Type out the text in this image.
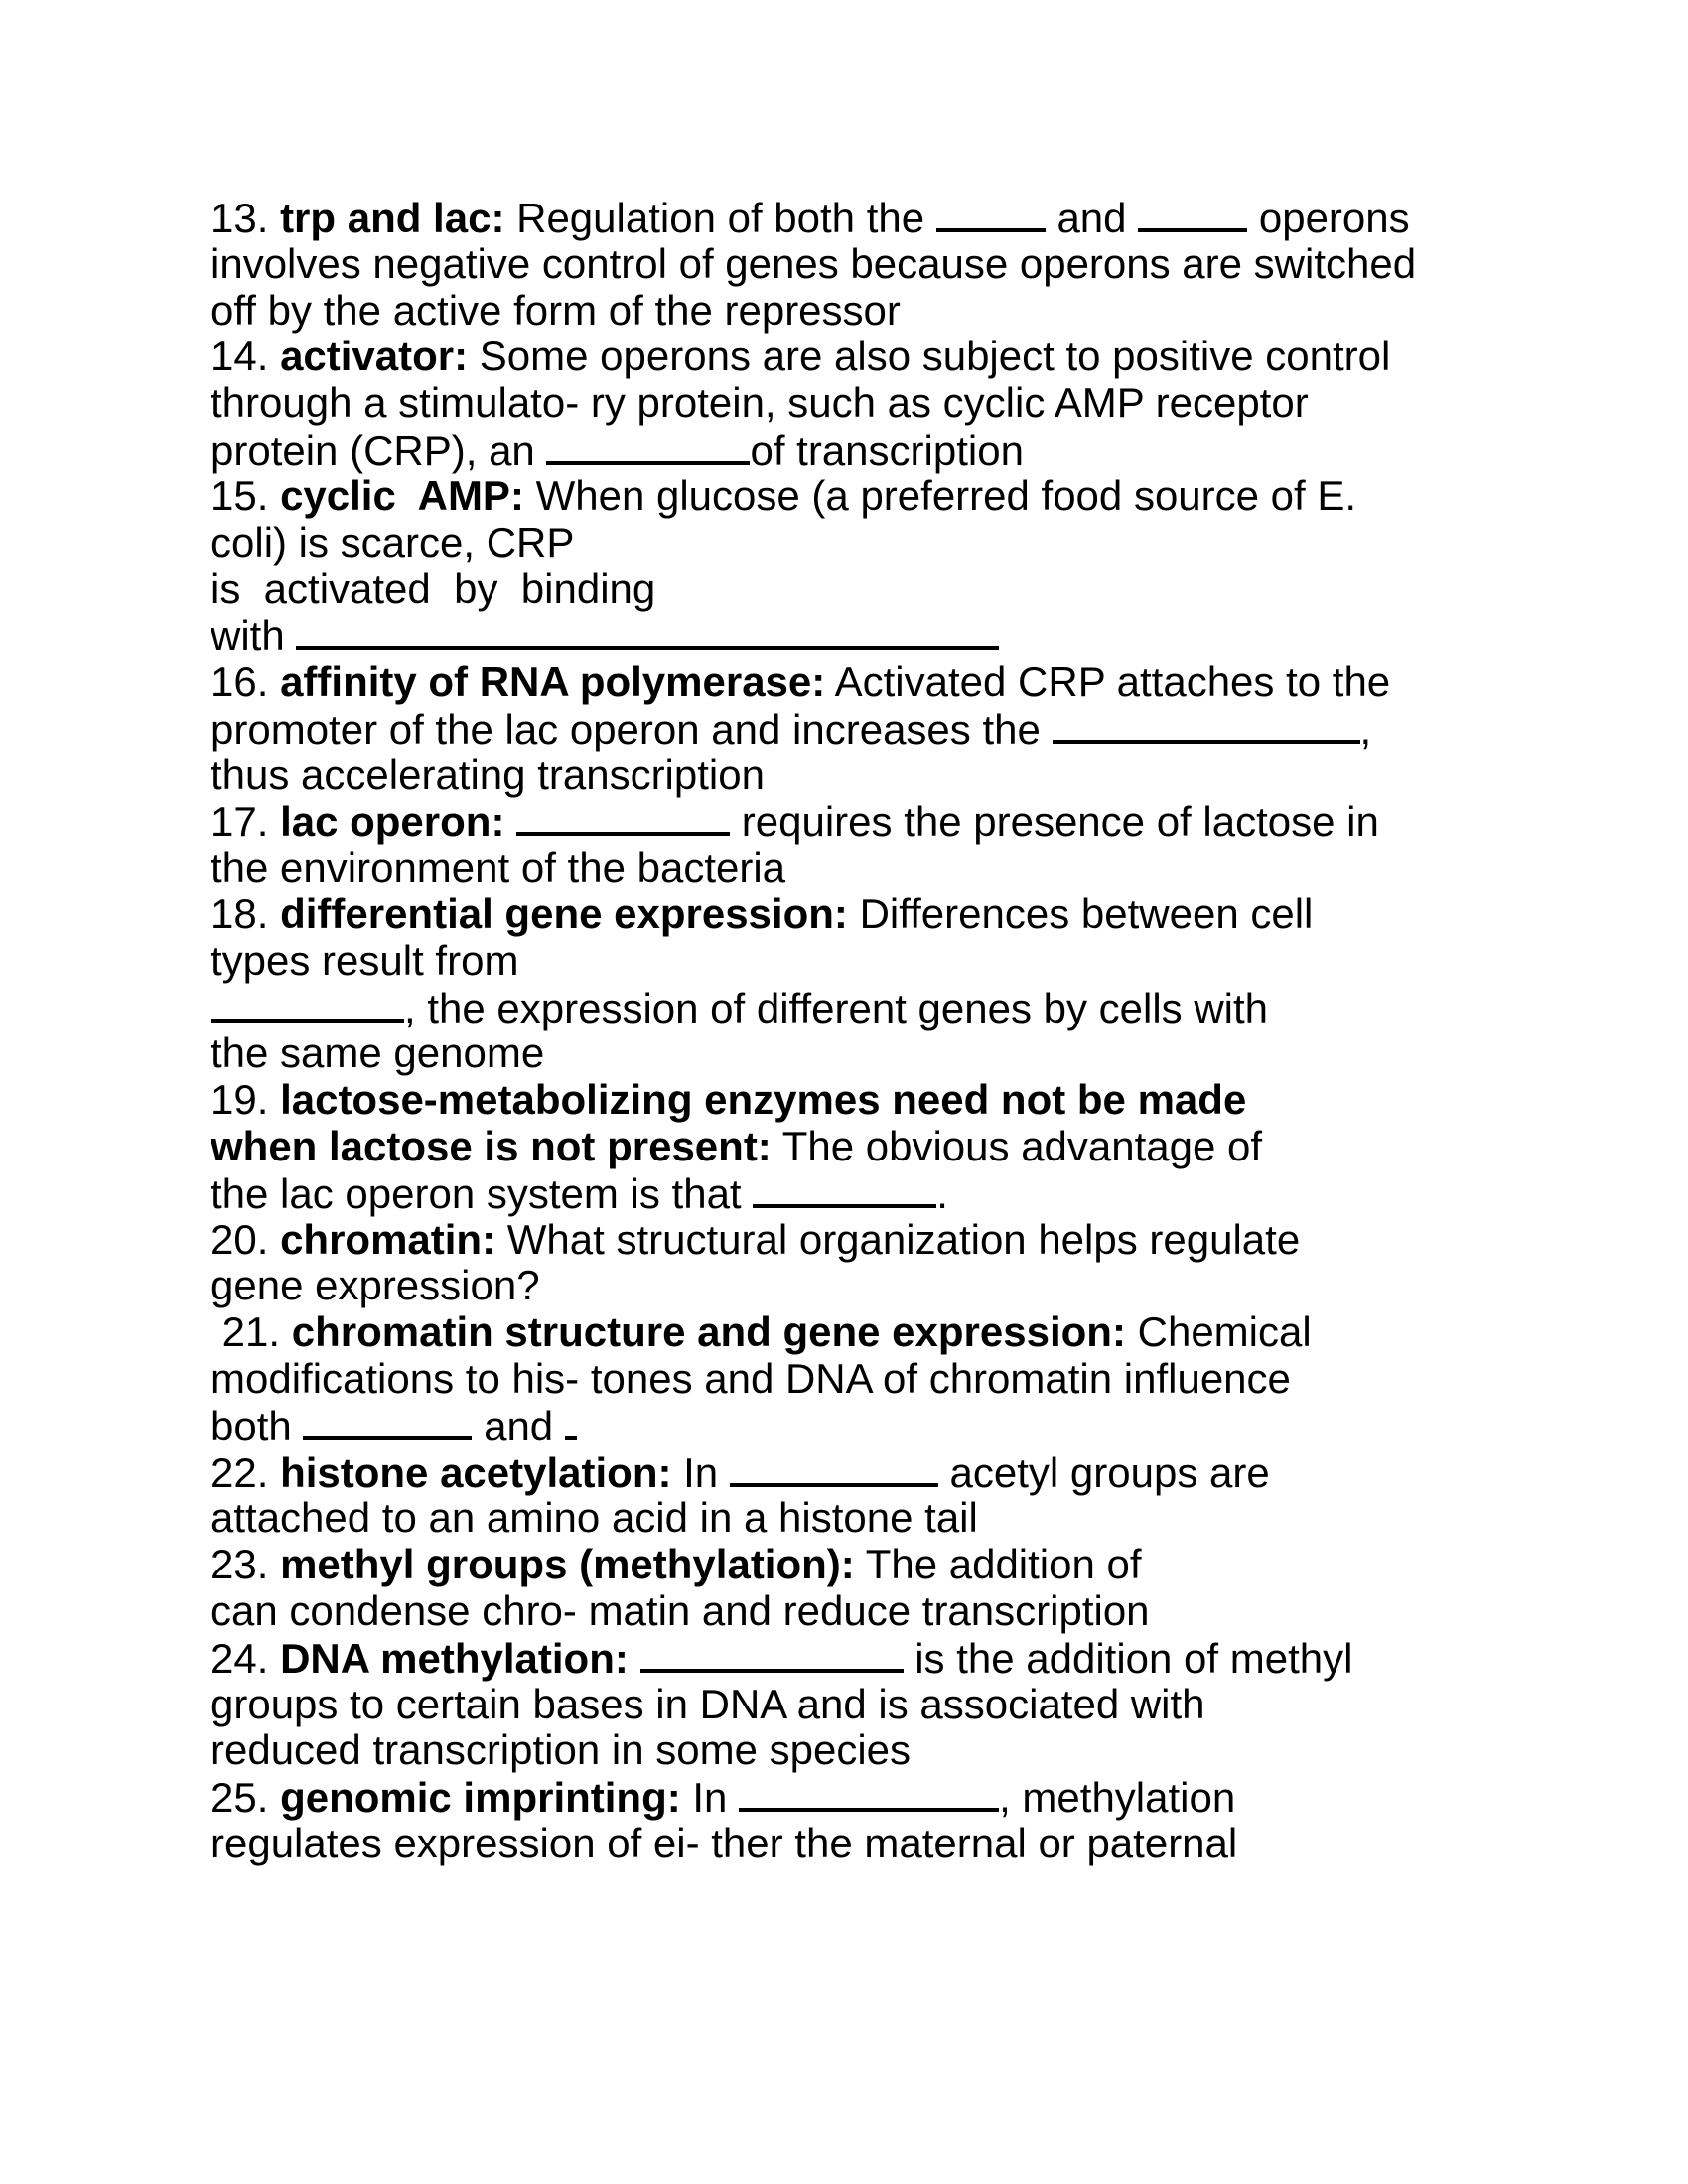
13. trp and lac: Regulation of both the	and	operons
involves negative control of genes because operons are switched
off by the active form of the repressor
14. activator: Some operons are also subject to positive control
through a stimulato- ry protein, such as cyclic AMP receptor
protein (CRP), an	of transcription
15. cyclic  AMP: When glucose (a preferred food source of E.
coli) is scarce, CRP
is  activated  by  binding
with
16. affinity of RNA polymerase: Activated CRP attaches to the
promoter of the lac operon and increases the	,
thus accelerating transcription
17. lac operon:	requires the presence of lactose in
the environment of the bacteria
18. differential gene expression: Differences between cell
types result from
, the expression of different genes by cells with
the same genome
19. lactose-metabolizing enzymes need not be made
when lactose is not present: The obvious advantage of
the lac operon system is that	.
20. chromatin: What structural organization helps regulate
gene expression?
21. chromatin structure and gene expression: Chemical
modifications to his- tones and DNA of chromatin influence
both	and
22. histone acetylation: In	acetyl groups are
attached to an amino acid in a histone tail
23. methyl groups (methylation): The addition of
can condense chro- matin and reduce transcription
24. DNA methylation:	is the addition of methyl
groups to certain bases in DNA and is associated with
reduced transcription in some species
25. genomic imprinting: In	, methylation
regulates expression of ei- ther the maternal or paternal
